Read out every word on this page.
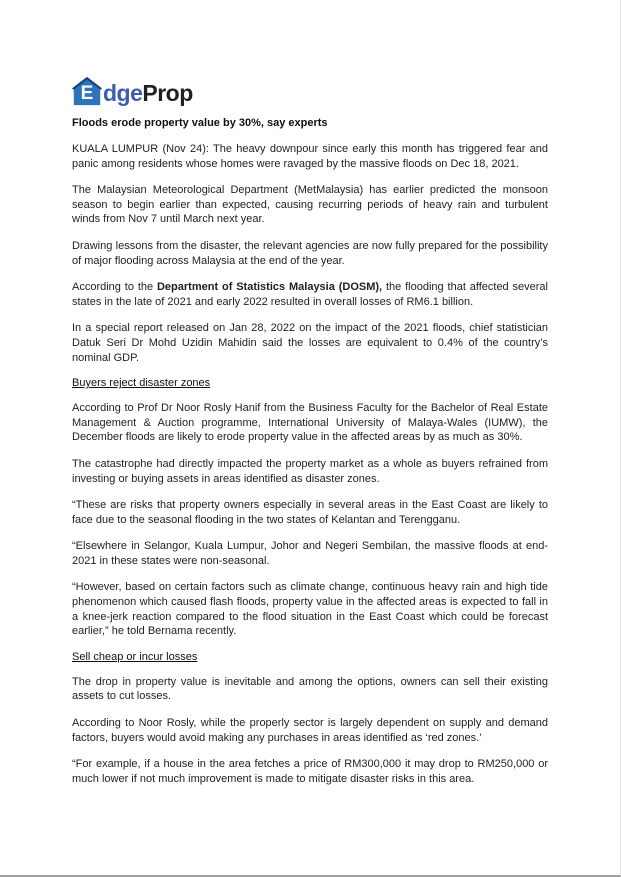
E dge Prop
Floods erode property value by 30%, say experts

KUALA LUMPUR (Nov 24): The heavy downpour since early this month has triggered fear and panic among residents whose homes were ravaged by the massive floods on Dec 18, 2021.

The Malaysian Meteorological Department (MetMalaysia) has earlier predicted the monsoon season to begin earlier than expected, causing recurring periods of heavy rain and turbulent winds from Nov 7 until March next year.

Drawing lessons from the disaster, the relevant agencies are now fully prepared for the possibility of major flooding across Malaysia at the end of the year.

According to the Department of Statistics Malaysia (DOSM), the flooding that affected several states in the late of 2021 and early 2022 resulted in overall losses of RM6.1 billion.

In a special report released on Jan 28, 2022 on the impact of the 2021 floods, chief statistician Datuk Seri Dr Mohd Uzidin Mahidin said the losses are equivalent to 0.4% of the country’s nominal GDP.

Buyers reject disaster zones

According to Prof Dr Noor Rosly Hanif from the Business Faculty for the Bachelor of Real Estate Management & Auction programme, International University of Malaya-Wales (IUMW), the December floods are likely to erode property value in the affected areas by as much as 30%.

The catastrophe had directly impacted the property market as a whole as buyers refrained from investing or buying assets in areas identified as disaster zones.

“These are risks that property owners especially in several areas in the East Coast are likely to face due to the seasonal flooding in the two states of Kelantan and Terengganu.

“Elsewhere in Selangor, Kuala Lumpur, Johor and Negeri Sembilan, the massive floods at end-2021 in these states were non-seasonal.

“However, based on certain factors such as climate change, continuous heavy rain and high tide phenomenon which caused flash floods, property value in the affected areas is expected to fall in a knee-jerk reaction compared to the flood situation in the East Coast which could be forecast earlier,” he told Bernama recently.

Sell cheap or incur losses

The drop in property value is inevitable and among the options, owners can sell their existing assets to cut losses.

According to Noor Rosly, while the properly sector is largely dependent on supply and demand factors, buyers would avoid making any purchases in areas identified as ‘red zones.’

“For example, if a house in the area fetches a price of RM300,000 it may drop to RM250,000 or much lower if not much improvement is made to mitigate disaster risks in this area.
